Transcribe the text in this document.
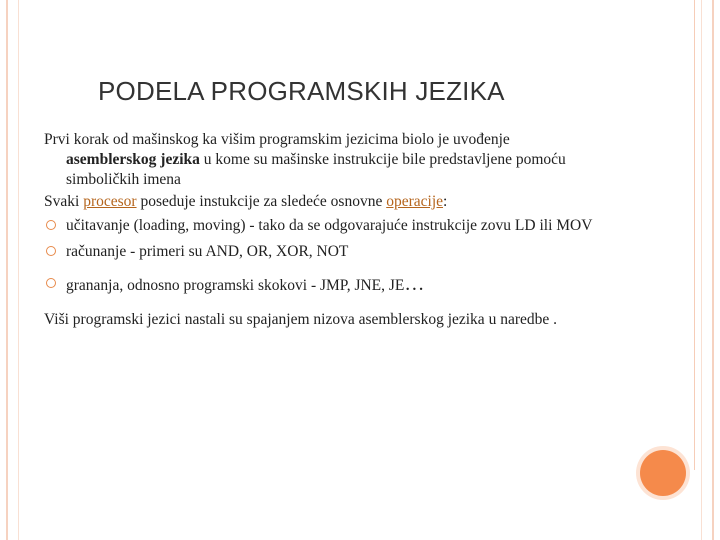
PODELA PROGRAMSKIH JEZIKA

Prvi korak od mašinskog ka višim programskim jezicima biolo je uvođenje
asemblerskog jezika u kome su mašinske instrukcije bile predstavljene pomoću
simboličkih imena

Svaki procesor poseduje instukcije za sledeće osnovne operacije:

učitavanje (loading, moving) - tako da se odgovarajuće instrukcije zovu LD ili MOV
računanje - primeri su AND, OR, XOR, NOT
grananja, odnosno programski skokovi - JMP, JNE, JE…

Viši programski jezici nastali su spajanjem nizova asemblerskog jezika u naredbe .
